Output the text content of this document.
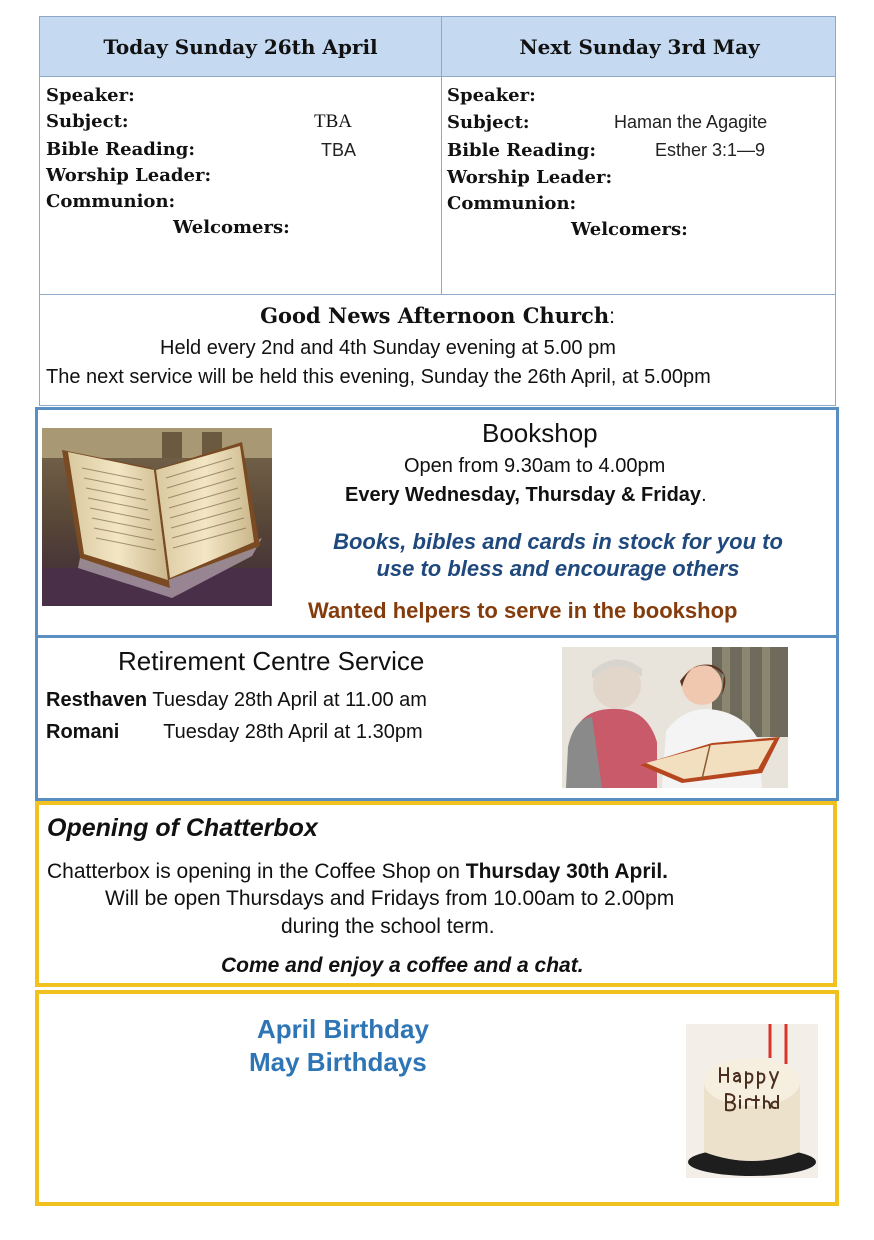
Today Sunday 26th April	Next Sunday 3rd May
Speaker:
Subject:	TBA
Bible Reading:	TBA
Worship Leader:
Communion:
Welcomers:
Speaker:
Subject:	Haman the Agagite
Bible Reading:	Esther 3:1—9
Worship Leader:
Communion:
Welcomers:
Good News Afternoon Church:
Held every 2nd and 4th Sunday evening at 5.00 pm
The next service will be held this evening, Sunday the 26th April, at 5.00pm
Bookshop
Open from 9.30am to 4.00pm
Every Wednesday, Thursday & Friday.
Books, bibles and cards in stock for you to
use to bless and encourage others
Wanted helpers to serve in the bookshop
Retirement Centre Service
Resthaven Tuesday 28th April at 11.00 am
Romani Tuesday 28th April at 1.30pm
Opening of Chatterbox
Chatterbox is opening in the Coffee Shop on Thursday 30th April.
Will be open Thursdays and Fridays from 10.00am to 2.00pm
during the school term.
Come and enjoy a coffee and a chat.
April Birthday
May Birthdays
